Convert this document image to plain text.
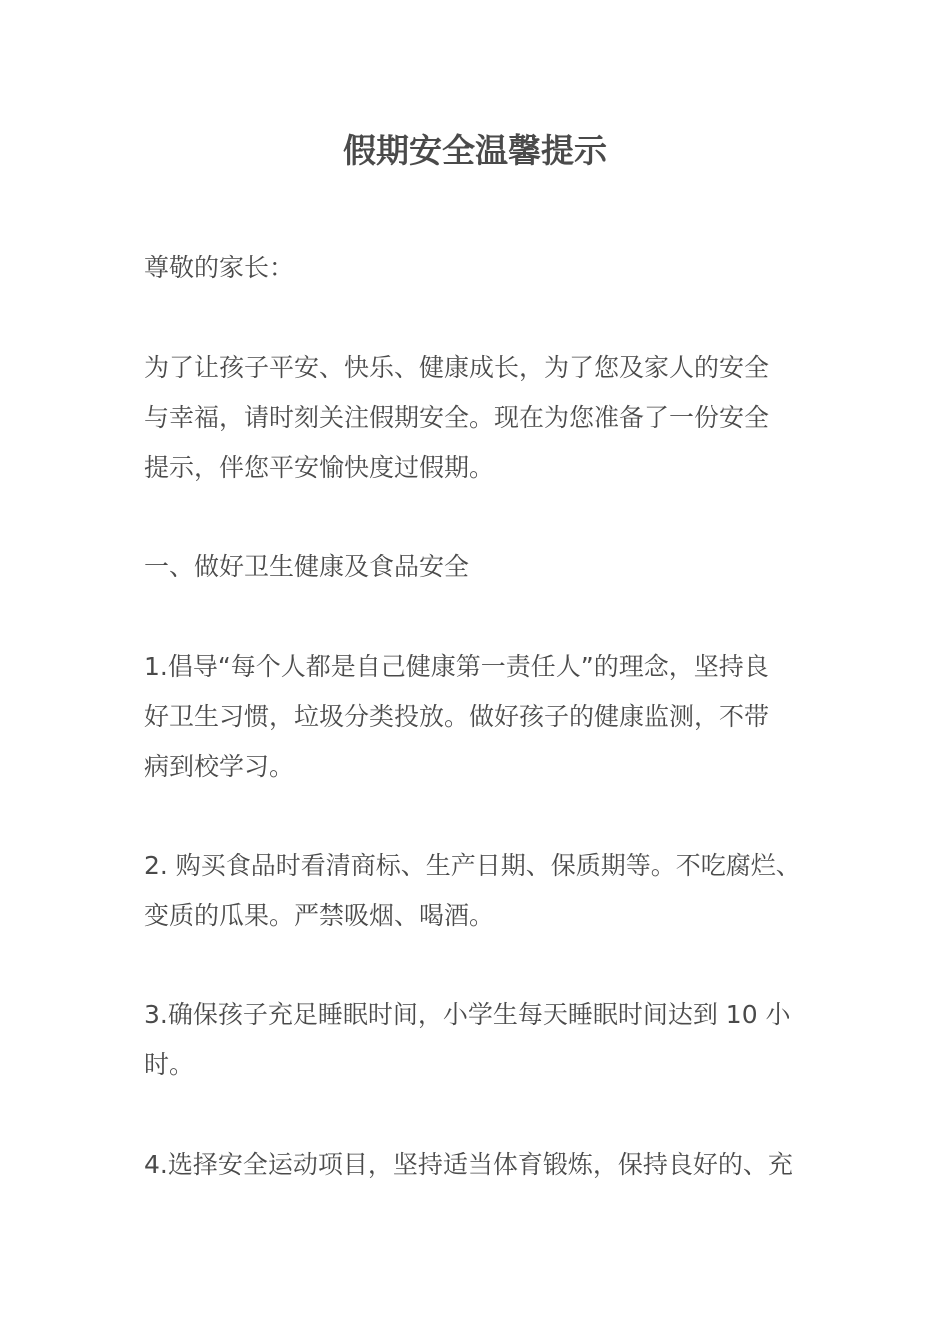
假期安全温馨提示

尊敬的家长：

为了让孩子平安、快乐、健康成长，为了您及家人的安全
与幸福，请时刻关注假期安全。现在为您准备了一份安全
提示，伴您平安愉快度过假期。

一、做好卫生健康及食品安全

1.倡导“每个人都是自己健康第一责任人”的理念，坚持良
好卫生习惯，垃圾分类投放。做好孩子的健康监测，不带
病到校学习。

2. 购买食品时看清商标、生产日期、保质期等。不吃腐烂、
变质的瓜果。严禁吸烟、喝酒。

3.确保孩子充足睡眠时间，小学生每天睡眠时间达到 10 小
时。

4.选择安全运动项目，坚持适当体育锻炼，保持良好的、充
